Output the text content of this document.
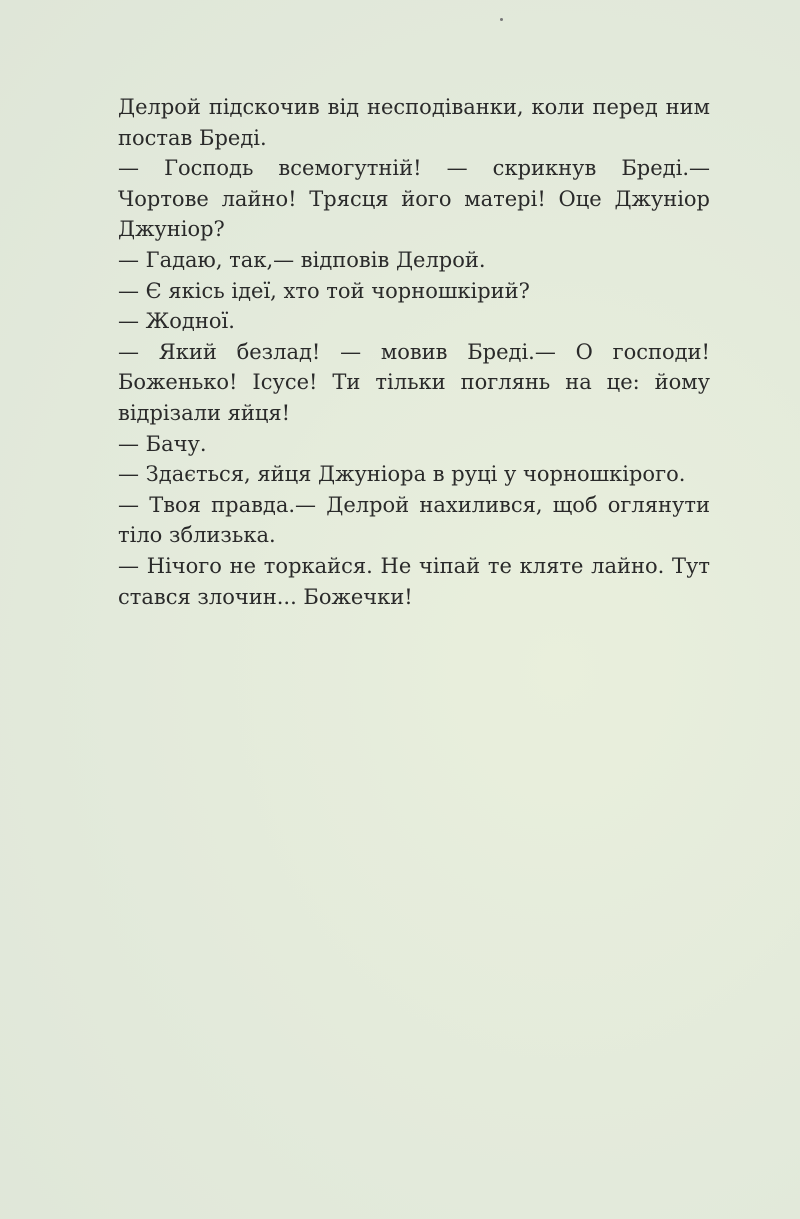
Делрой підскочив від несподіванки, коли перед ним постав Бреді.

— Господь всемогутній! — скрикнув Бреді.— Чортове лайно! Трясця його матері! Оце Джуніор Джуніор?

— Гадаю, так,— відповів Делрой.

— Є якісь ідеї, хто той чорношкірий?

— Жодної.

— Який безлад! — мовив Бреді.— О господи! Боженько! Ісусе! Ти тільки поглянь на це: йому відрізали яйця!

— Бачу.

— Здається, яйця Джуніора в руці у чорношкірого.

— Твоя правда.— Делрой нахилився, щоб оглянути тіло зблизька.

— Нічого не торкайся. Не чіпай те кляте лайно. Тут стався злочин... Божечки!
